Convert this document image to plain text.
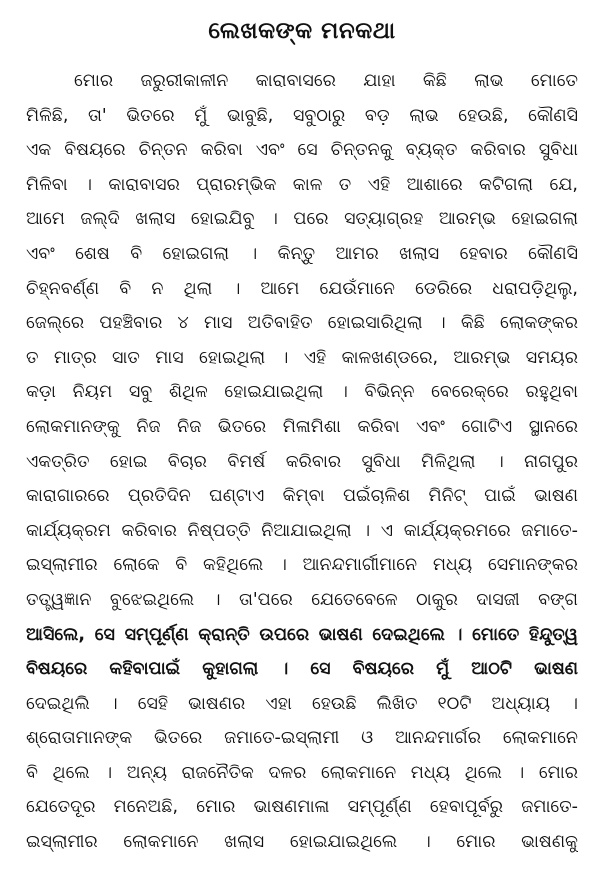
ଲେଖକଙ୍କ ମନକଥା
ମୋର ଜରୁରୀକାଳୀନ କାରାବାସରେ ଯାହା କିଛି ଲାଭ ମୋତେ
ମିଳିଛି, ତା' ଭିତରେ ମୁଁ ଭାବୁଛି, ସବୁଠାରୁ ବଡ଼ ଲାଭ ହେଉଛି, କୌଣସି
ଏକ ବିଷୟରେ ଚିନ୍ତନ କରିବା ଏବଂ ସେ ଚିନ୍ତନକୁ ବ୍ୟକ୍ତ କରିବାର ସୁବିଧା
ମିଳିବା । କାରାବାସର ପ୍ରାରମ୍ଭିକ କାଳ ତ ଏହି ଆଶାରେ କଟିଗଲା ଯେ,
ଆମେ ଜଲ୍‌ଦି ଖଲାସ ହୋଇଯିବୁ । ପରେ ସତ୍ୟାଗ୍ରହ ଆରମ୍ଭ ହୋଇଗଲା
ଏବଂ ଶେଷ ବି ହୋଇଗଲା । କିନ୍ତୁ ଆମର ଖଲାସ ହେବାର କୌଣସି
ଚିହ୍ନବର୍ଣ୍ଣ ବି ନ ଥିଲା । ଆମେ ଯେଉଁମାନେ ଡେରିରେ ଧରାପଡ଼ିଥିଲୁ,
ଜେଲ୍‌ରେ ପହଞ୍ଚିବାର ୪ ମାସ ଅତିବାହିତ ହୋଇସାରିଥିଲା । କିଛି ଲୋକଙ୍କର
ତ ମାତ୍ର ସାତ ମାସ ହୋଇଥିଲା । ଏହି କାଳଖଣ୍ଡରେ, ଆରମ୍ଭ ସମୟର
କଡ଼ା ନିୟମ ସବୁ ଶିଥିଳ ହୋଇଯାଇଥିଲା । ବିଭିନ୍ନ ବେରେକ୍‌ରେ ରହୁଥିବା
ଲୋକମାନଙ୍କୁ ନିଜ ନିଜ ଭିତରେ ମିଳାମିଶା କରିବା ଏବଂ ଗୋଟିଏ ସ୍ଥାନରେ
ଏକତ୍ରିତ ହୋଇ ବିଚାର ବିମର୍ଷ କରିବାର ସୁବିଧା ମିଳିଥିଲା । ନାଗପୁର
କାରାଗାରରେ ପ୍ରତିଦିନ ଘଣ୍ଟାଏ କିମ୍ବା ପଇଁଚାଳିଶ ମିନିଟ୍ ପାଇଁ ଭାଷଣ
କାର୍ଯ୍ୟକ୍ରମ କରିବାର ନିଷ୍ପତ୍ତି ନିଆଯାଇଥିଲା । ଏ କାର୍ଯ୍ୟକ୍ରମରେ ଜମାତେ-
ଇସ୍‌ଲାମୀର ଲୋକେ ବି କହିଥିଲେ । ଆନନ୍ଦମାର୍ଗୀମାନେ ମଧ୍ୟ ସେମାନଙ୍କର
ତତ୍ତ୍ୱଜ୍ଞାନ ବୁଝେଇଥିଲେ । ତା'ପରେ ଯେତେବେଳେ ଠାକୁର ଦାସଜୀ ବଙ୍ଗ
ଆସିଲେ, ସେ ସମ୍ପୂର୍ଣ୍ଣ କ୍ରାନ୍ତି ଉପରେ ଭାଷଣ ଦେଇଥିଲେ । ମୋତେ ହିନ୍ଦୁତ୍ୱ
ବିଷୟରେ କହିବାପାଇଁ କୁହାଗଲା । ସେ ବିଷୟରେ ମୁଁ ଆଠଟି ଭାଷଣ
ଦେଇଥିଲି । ସେହି ଭାଷଣର ଏହା ହେଉଛି ଲିଖିତ ୧୦ଟି ଅଧ୍ୟାୟ ।
ଶ୍ରୋତାମାନଙ୍କ ଭିତରେ ଜମାତେ-ଇସ୍‌ଲାମୀ ଓ ଆନନ୍ଦମାର୍ଗର ଲୋକମାନେ
ବି ଥିଲେ । ଅନ୍ୟ ରାଜନୈତିକ ଦଳର ଲୋକମାନେ ମଧ୍ୟ ଥିଲେ । ମୋର
ଯେତେଦୂର ମନେଅଛି, ମୋର ଭାଷଣମାଳା ସମ୍ପୂର୍ଣ୍ଣ ହେବାପୂର୍ବରୁ ଜମାତେ-
ଇସ୍‌ଲାମୀର ଲୋକମାନେ ଖଲାସ ହୋଇଯାଇଥିଲେ । ମୋର ଭାଷଣକୁ
